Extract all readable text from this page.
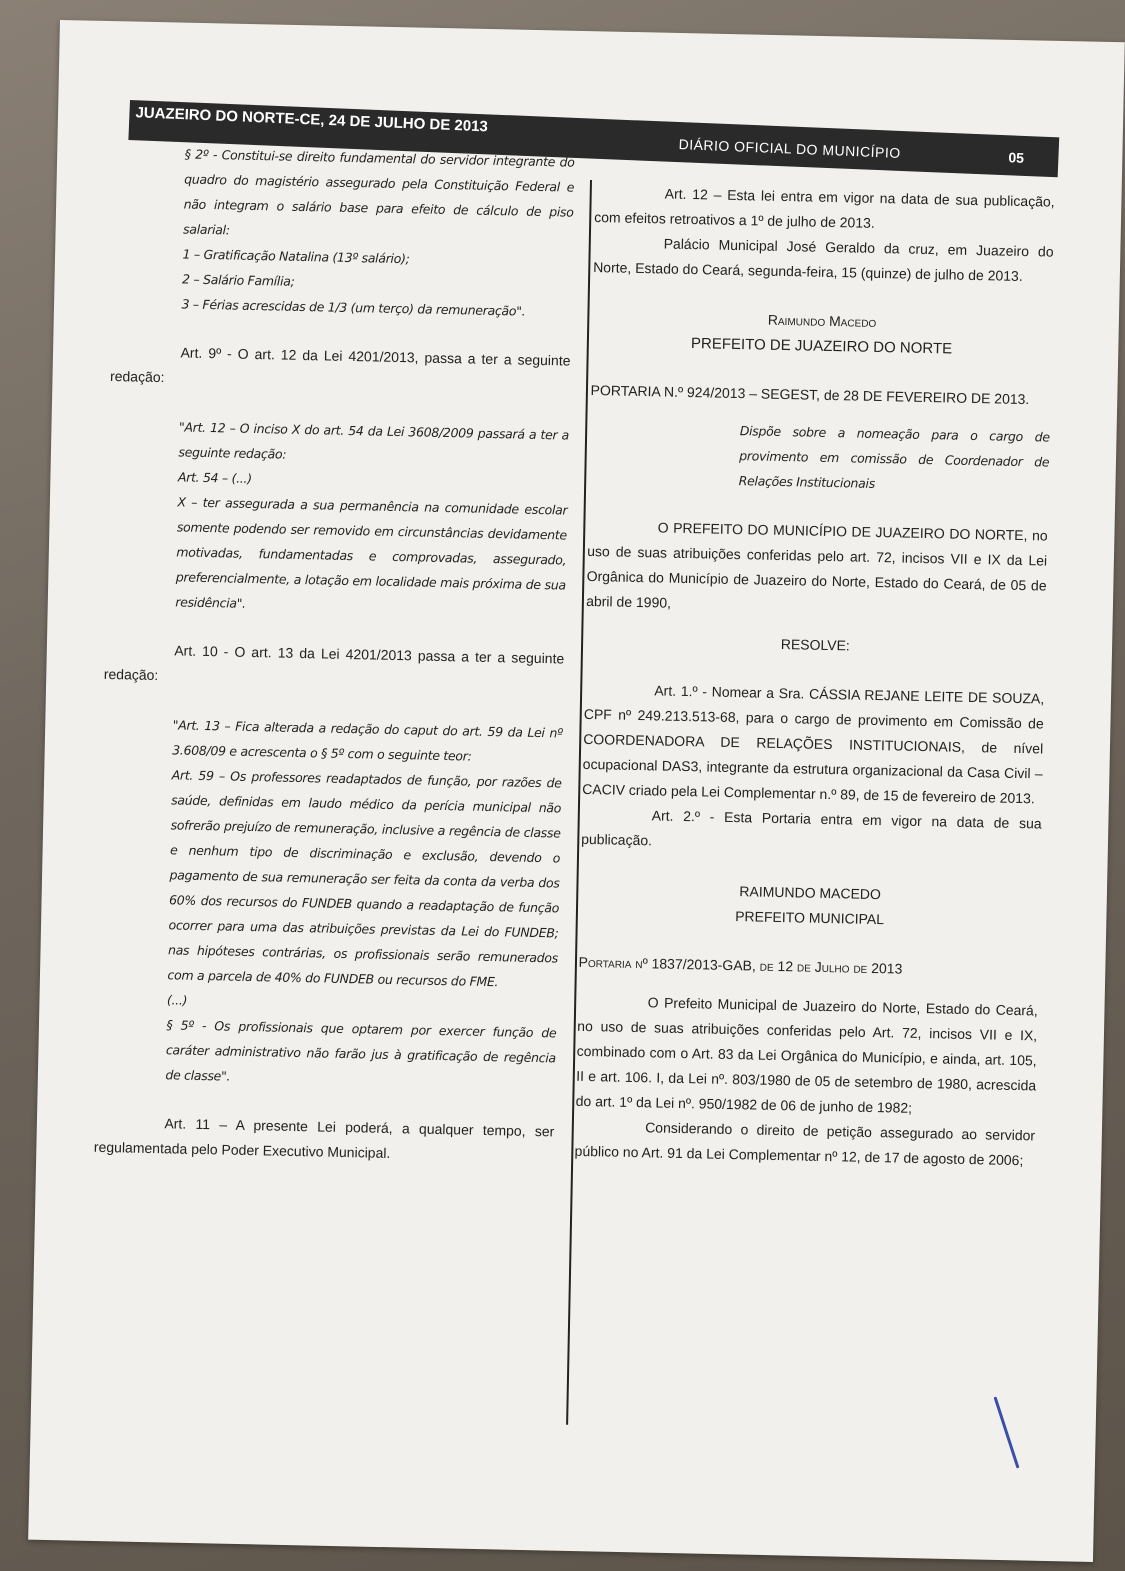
JUAZEIRO DO NORTE-CE, 24 DE JULHO DE 2013
DIÁRIO OFICIAL DO MUNICÍPIO	05

§ 2º - Constitui-se direito fundamental do servidor integrante do quadro do magistério assegurado pela Constituição Federal e não integram o salário base para efeito de cálculo de piso salarial:

1 – Gratificação Natalina (13º salário);

2 – Salário Família;

3 – Férias acrescidas de 1/3 (um terço) da remuneração".

Art. 9º - O art. 12 da Lei 4201/2013, passa a ter a seguinte redação:

"Art. 12 – O inciso X do art. 54 da Lei 3608/2009 passará a ter a seguinte redação:

Art. 54 – (...)

X – ter assegurada a sua permanência na comunidade escolar somente podendo ser removido em circunstâncias devidamente motivadas, fundamentadas e comprovadas, assegurado, preferencialmente, a lotação em localidade mais próxima de sua residência".

Art. 10 - O art. 13 da Lei 4201/2013 passa a ter a seguinte redação:

"Art. 13 – Fica alterada a redação do caput do art. 59 da Lei nº 3.608/09 e acrescenta o § 5º com o seguinte teor:

Art. 59 – Os professores readaptados de função, por razões de saúde, definidas em laudo médico da perícia municipal não sofrerão prejuízo de remuneração, inclusive a regência de classe e nenhum tipo de discriminação e exclusão, devendo o pagamento de sua remuneração ser feita da conta da verba dos 60% dos recursos do FUNDEB quando a readaptação de função ocorrer para uma das atribuições previstas da Lei do FUNDEB; nas hipóteses contrárias, os profissionais serão remunerados com a parcela de 40% do FUNDEB ou recursos do FME.

(...)

§ 5º - Os profissionais que optarem por exercer função de caráter administrativo não farão jus à gratificação de regência de classe".

Art. 11 – A presente Lei poderá, a qualquer tempo, ser regulamentada pelo Poder Executivo Municipal.

Art. 12 – Esta lei entra em vigor na data de sua publicação, com efeitos retroativos a 1º de julho de 2013.

Palácio Municipal José Geraldo da cruz, em Juazeiro do Norte, Estado do Ceará, segunda-feira, 15 (quinze) de julho de 2013.

Raimundo Macedo

PREFEITO DE JUAZEIRO DO NORTE

PORTARIA N.º 924/2013 – SEGEST, de 28 DE FEVEREIRO DE 2013.

Dispõe sobre a nomeação para o cargo de provimento em comissão de Coordenador de Relações Institucionais

O PREFEITO DO MUNICÍPIO DE JUAZEIRO DO NORTE, no uso de suas atribuições conferidas pelo art. 72, incisos VII e IX da Lei Orgânica do Município de Juazeiro do Norte, Estado do Ceará, de 05 de abril de 1990,

RESOLVE:

Art. 1.º - Nomear a Sra. CÁSSIA REJANE LEITE DE SOUZA, CPF nº 249.213.513-68, para o cargo de provimento em Comissão de COORDENADORA DE RELAÇÕES INSTITUCIONAIS, de nível ocupacional DAS3, integrante da estrutura organizacional da Casa Civil – CACIV criado pela Lei Complementar n.º 89, de 15 de fevereiro de 2013.

Art. 2.º - Esta Portaria entra em vigor na data de sua publicação.

RAIMUNDO MACEDO

PREFEITO MUNICIPAL

Portaria nº 1837/2013-GAB, de 12 de Julho de 2013

O Prefeito Municipal de Juazeiro do Norte, Estado do Ceará, no uso de suas atribuições conferidas pelo Art. 72, incisos VII e IX, combinado com o Art. 83 da Lei Orgânica do Município, e ainda, art. 105, II e art. 106. I, da Lei nº. 803/1980 de 05 de setembro de 1980, acrescida do art. 1º da Lei nº. 950/1982 de 06 de junho de 1982;

Considerando o direito de petição assegurado ao servidor público no Art. 91 da Lei Complementar nº 12, de 17 de agosto de 2006;
